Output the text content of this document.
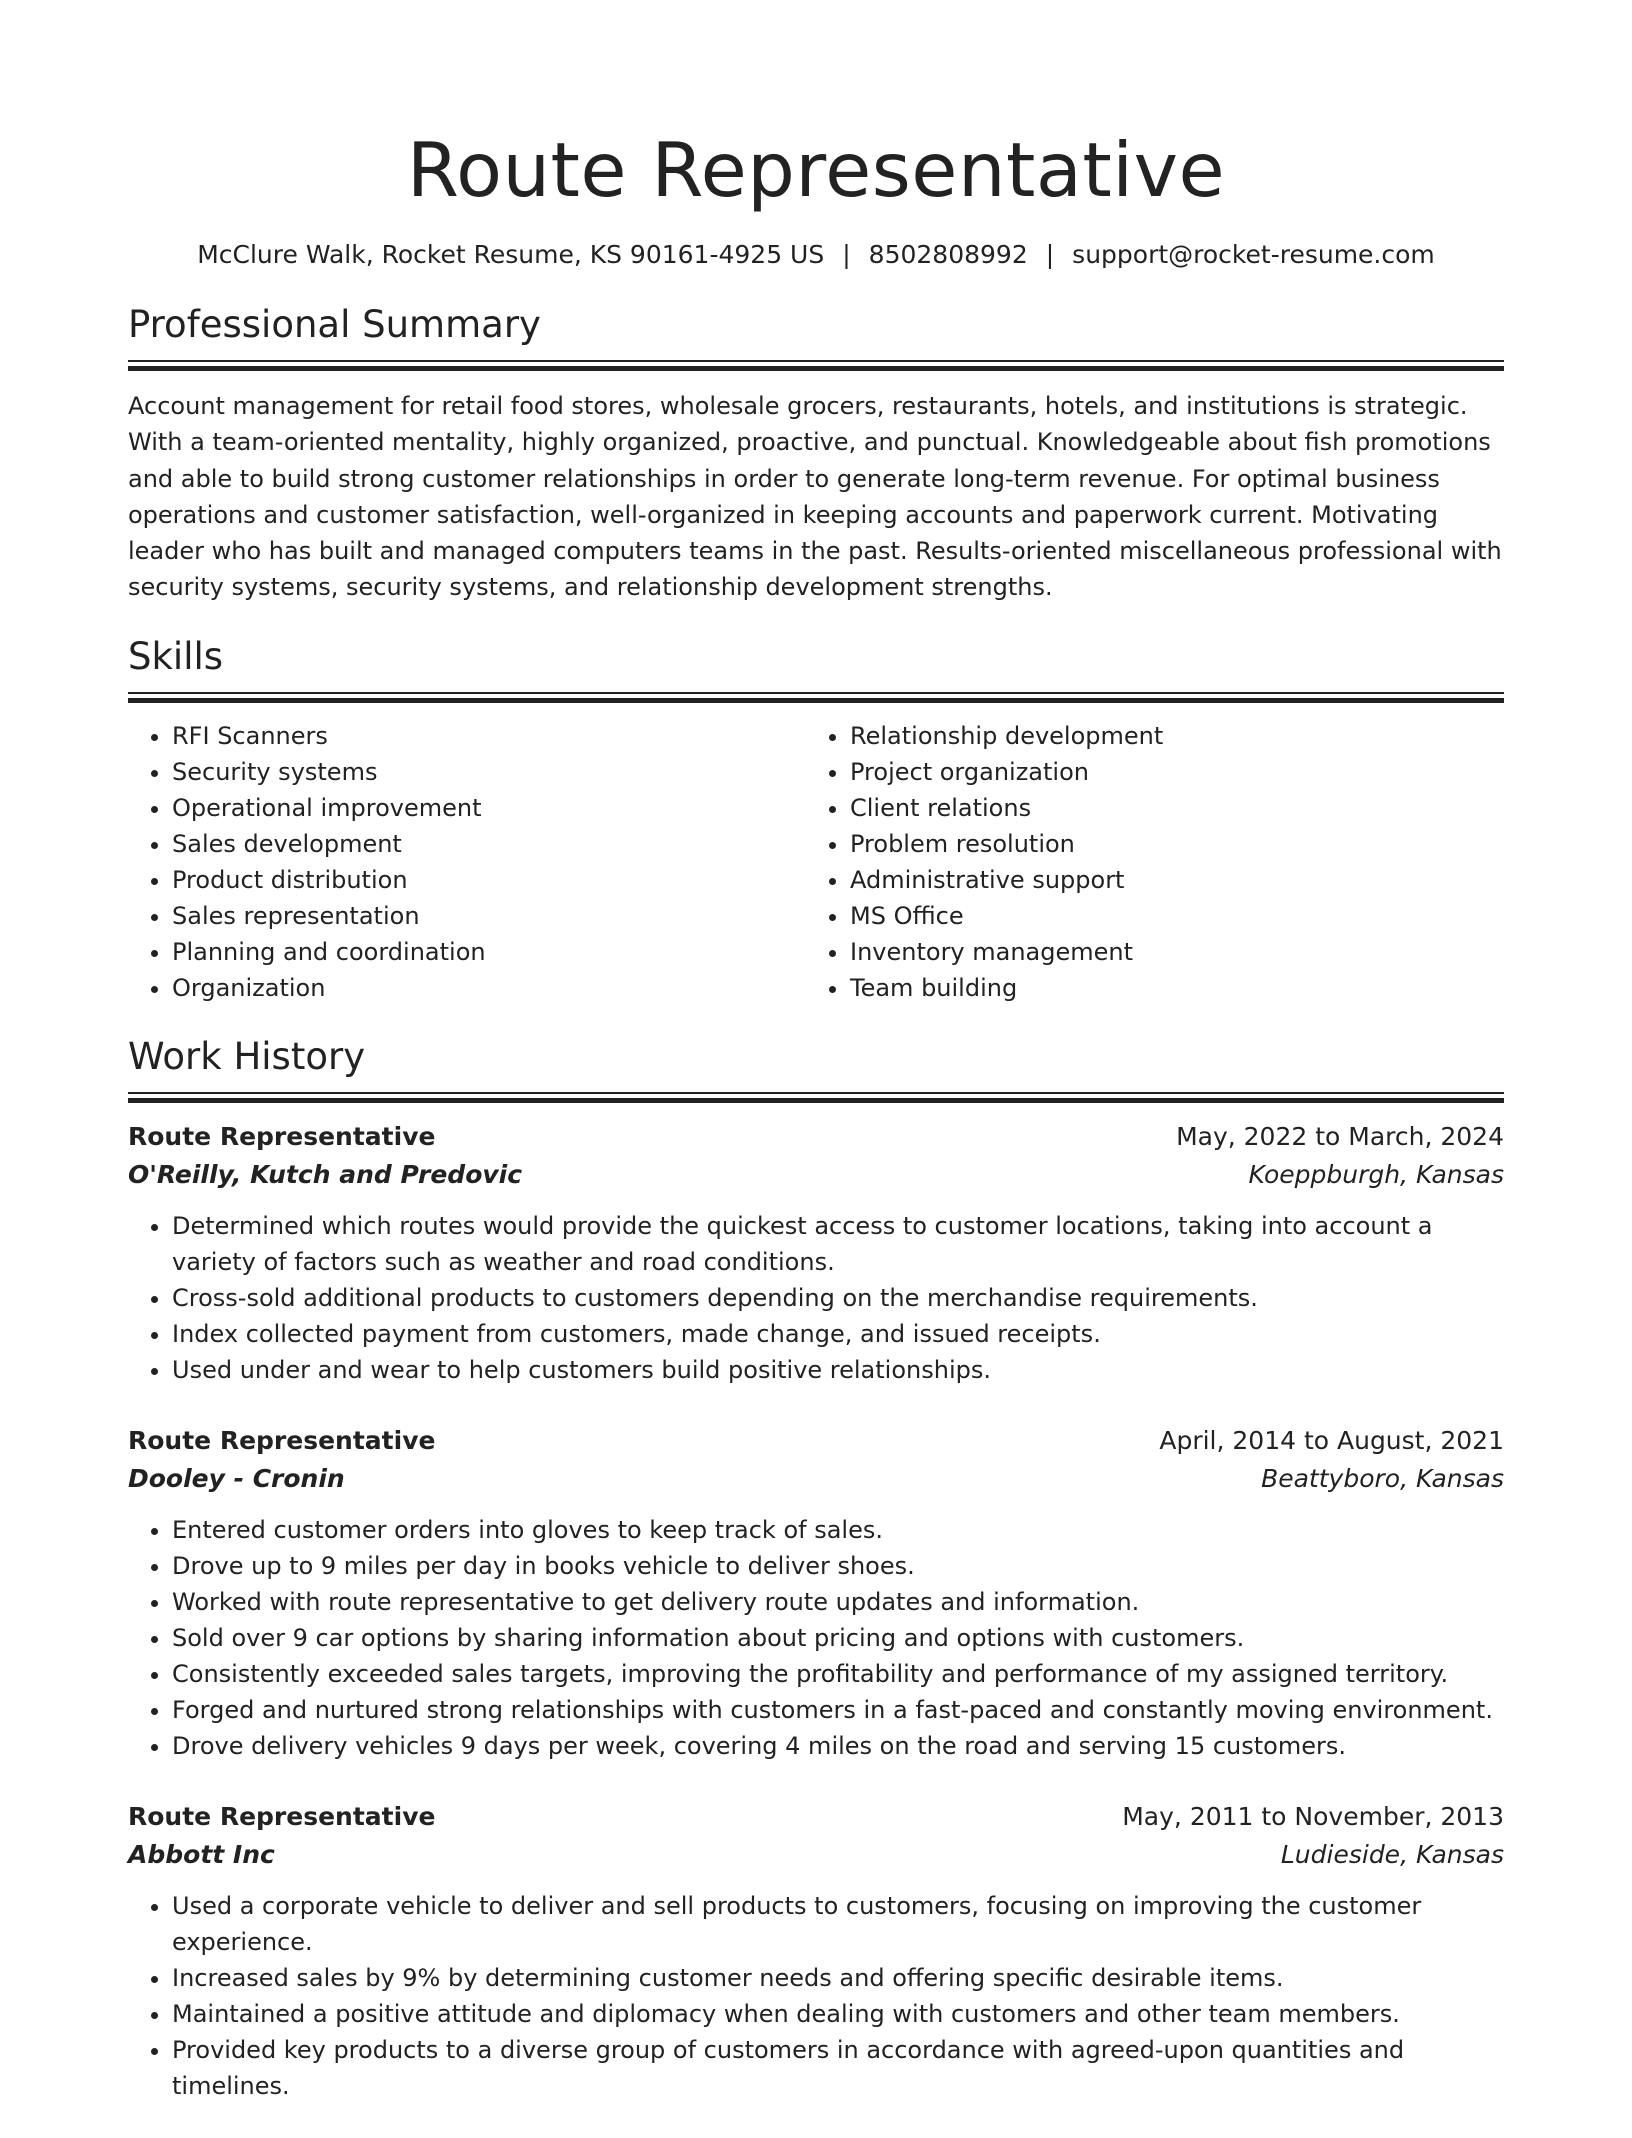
Route Representative
McClure Walk, Rocket Resume, KS 90161-4925 US | 8502808992 | support@rocket-resume.com
Professional Summary

Account management for retail food stores, wholesale grocers, restaurants, hotels, and institutions is strategic. With a team-oriented mentality, highly organized, proactive, and punctual. Knowledgeable about fish promotions and able to build strong customer relationships in order to generate long-term revenue. For optimal business operations and customer satisfaction, well-organized in keeping accounts and paperwork current. Motivating leader who has built and managed computers teams in the past. Results-oriented miscellaneous professional with security systems, security systems, and relationship development strengths.

Skills
• RFI Scanners
• Security systems
• Operational improvement
• Sales development
• Product distribution
• Sales representation
• Planning and coordination
• Organization
• Relationship development
• Project organization
• Client relations
• Problem resolution
• Administrative support
• MS Office
• Inventory management
• Team building
Work History
Route Representative	May, 2022 to March, 2024
O'Reilly, Kutch and Predovic	Koeppburgh, Kansas
• Determined which routes would provide the quickest access to customer locations, taking into account a variety of factors such as weather and road conditions.
• Cross-sold additional products to customers depending on the merchandise requirements.
• Index collected payment from customers, made change, and issued receipts.
• Used under and wear to help customers build positive relationships.
Route Representative	April, 2014 to August, 2021
Dooley - Cronin	Beattyboro, Kansas
• Entered customer orders into gloves to keep track of sales.
• Drove up to 9 miles per day in books vehicle to deliver shoes.
• Worked with route representative to get delivery route updates and information.
• Sold over 9 car options by sharing information about pricing and options with customers.
• Consistently exceeded sales targets, improving the profitability and performance of my assigned territory.
• Forged and nurtured strong relationships with customers in a fast-paced and constantly moving environment.
• Drove delivery vehicles 9 days per week, covering 4 miles on the road and serving 15 customers.
Route Representative	May, 2011 to November, 2013
Abbott Inc	Ludieside, Kansas
• Used a corporate vehicle to deliver and sell products to customers, focusing on improving the customer experience.
• Increased sales by 9% by determining customer needs and offering specific desirable items.
• Maintained a positive attitude and diplomacy when dealing with customers and other team members.
• Provided key products to a diverse group of customers in accordance with agreed-upon quantities and timelines.
